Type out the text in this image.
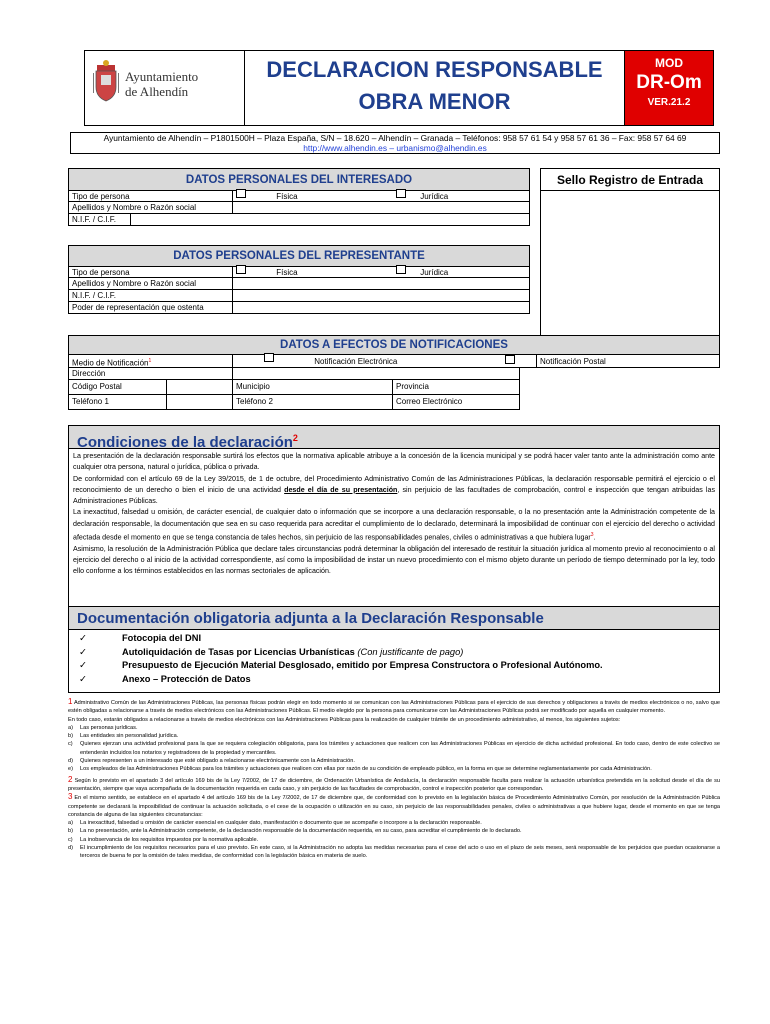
Ayuntamiento
de Alhendín
DECLARACION RESPONSABLE
OBRA MENOR
MOD
DR-Om
VER.21.2
Ayuntamiento de Alhendín – P1801500H – Plaza España, S/N – 18.620 – Alhendín – Granada – Teléfonos: 958 57 61 54 y 958 57 61 36 – Fax: 958 57 64 69
http://www.alhendin.es – urbanismo@alhendin.es
DATOS PERSONALES DEL INTERESADO
Tipo de persona	Física	Jurídica
Apellidos y Nombre o Razón social
N.I.F. / C.I.F.
Sello Registro de Entrada
DATOS PERSONALES DEL REPRESENTANTE
Tipo de persona	Física	Jurídica
Apellidos y Nombre o Razón social
N.I.F. / C.I.F.
Poder de representación que ostenta
DATOS A EFECTOS DE NOTIFICACIONES
Medio de Notificación$^1$	Notificación Electrónica	Notificación Postal
Dirección
Código Postal	Municipio	Provincia
Teléfono 1	Teléfono 2	Correo Electrónico
Condiciones de la declaración$^2$

La presentación de la declaración responsable surtirá los efectos que la normativa aplicable atribuye a la concesión de la licencia municipal y se podrá hacer valer tanto ante la administración como ante cualquier otra persona, natural o jurídica, pública o privada.

De conformidad con el artículo 69 de la Ley 39/2015, de 1 de octubre, del Procedimiento Administrativo Común de las Administraciones Públicas, la declaración responsable permitirá el ejercicio o el reconocimiento de un derecho o bien el inicio de una actividad desde el día de su presentación, sin perjuicio de las facultades de comprobación, control e inspección que tengan atribuidas las Administraciones Públicas.

La inexactitud, falsedad u omisión, de carácter esencial, de cualquier dato o información que se incorpore a una declaración responsable, o la no presentación ante la Administración competente de la declaración responsable, la documentación que sea en su caso requerida para acreditar el cumplimiento de lo declarado, determinará la imposibilidad de continuar con el ejercicio del derecho o actividad afectada desde el momento en que se tenga constancia de tales hechos, sin perjuicio de las responsabilidades penales, civiles o administrativas a que hubiera lugar$^3$.

Asimismo, la resolución de la Administración Pública que declare tales circunstancias podrá determinar la obligación del interesado de restituir la situación jurídica al momento previo al reconocimiento o al ejercicio del derecho o al inicio de la actividad correspondiente, así como la imposibilidad de instar un nuevo procedimiento con el mismo objeto durante un período de tiempo determinado por la ley, todo ello conforme a los términos establecidos en las normas sectoriales de aplicación.

Documentación obligatoria adjunta a la Declaración Responsable
✓	Fotocopia del DNI
✓	Autoliquidación de Tasas por Licencias Urbanísticas (Con justificante de pago)
✓	Presupuesto de Ejecución Material Desglosado, emitido por Empresa Constructora o Profesional Autónomo.
✓	Anexo – Protección de Datos

1 Administrativo Común de las Administraciones Públicas, las personas físicas podrán elegir en todo momento si se comunican con las Administraciones Públicas para el ejercicio de sus derechos y obligaciones a través de medios electrónicos o no, salvo que estén obligadas a relacionarse a través de medios electrónicos con las Administraciones Públicas. El medio elegido por la persona para comunicarse con las Administraciones Públicas podrá ser modificado por aquella en cualquier momento.

En todo caso, estarán obligados a relacionarse a través de medios electrónicos con las Administraciones Públicas para la realización de cualquier trámite de un procedimiento administrativo, al menos, los siguientes sujetos:

a) Las personas jurídicas.
b) Las entidades sin personalidad jurídica.
c) Quienes ejerzan una actividad profesional para la que se requiera colegiación obligatoria, para los trámites y actuaciones que realicen con las Administraciones Públicas en ejercicio de dicha actividad profesional. En todo caso, dentro de este colectivo se entenderán incluidos los notarios y registradores de la propiedad y mercantiles.
d) Quienes representen a un interesado que esté obligado a relacionarse electrónicamente con la Administración.
e) Los empleados de las Administraciones Públicas para los trámites y actuaciones que realicen con ellas por razón de su condición de empleado público, en la forma en que se determine reglamentariamente por cada Administración.

2 Según lo previsto en el apartado 3 del artículo 169 bis de la Ley 7/2002, de 17 de diciembre, de Ordenación Urbanística de Andalucía, la declaración responsable faculta para realizar la actuación urbanística pretendida en la solicitud desde el día de su presentación, siempre que vaya acompañada de la documentación requerida en cada caso, y sin perjuicio de las facultades de comprobación, control e inspección posterior que correspondan.

3 En el mismo sentido, se establece en el apartado 4 del artículo 169 bis de la Ley 7/2002, de 17 de diciembre que, de conformidad con lo previsto en la legislación básica de Procedimiento Administrativo Común, por resolución de la Administración Pública competente se declarará la imposibilidad de continuar la actuación solicitada, o el cese de la ocupación o utilización en su caso, sin perjuicio de las responsabilidades penales, civiles o administrativas a que hubiere lugar, desde el momento en que se tenga constancia de alguna de las siguientes circunstancias:

a) La inexactitud, falsedad u omisión de carácter esencial en cualquier dato, manifestación o documento que se acompañe o incorpore a la declaración responsable.
b) La no presentación, ante la Administración competente, de la declaración responsable de la documentación requerida, en su caso, para acreditar el cumplimiento de lo declarado.
c) La inobservancia de los requisitos impuestos por la normativa aplicable.
d) El incumplimiento de los requisitos necesarios para el uso previsto. En este caso, si la Administración no adopta las medidas necesarias para el cese del acto o uso en el plazo de seis meses, será responsable de los perjuicios que puedan ocasionarse a terceros de buena fe por la omisión de tales medidas, de conformidad con la legislación básica en materia de suelo.
